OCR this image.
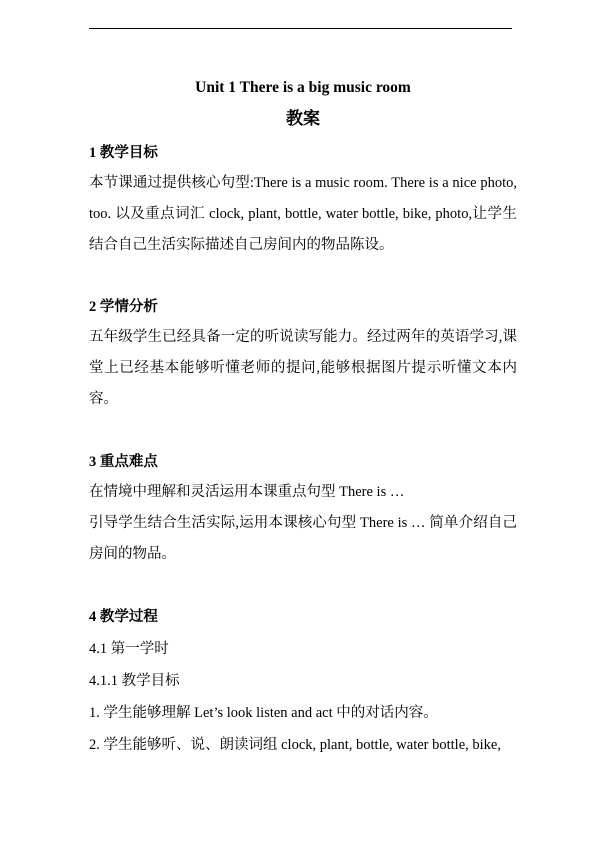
Unit 1 There is a big music room

教案

1 教学目标

本节课通过提供核心句型:There is a music room. There is a nice photo, too. 以及重点词汇 clock, plant, bottle, water bottle, bike, photo,让学生结合自己生活实际描述自己房间内的物品陈设。

2 学情分析

五年级学生已经具备一定的听说读写能力。经过两年的英语学习,课堂上已经基本能够听懂老师的提问,能够根据图片提示听懂文本内容。

3 重点难点

在情境中理解和灵活运用本课重点句型 There is …

引导学生结合生活实际,运用本课核心句型 There is … 简单介绍自己房间的物品。

4 教学过程

4.1 第一学时

4.1.1 教学目标

1. 学生能够理解 Let’s look listen and act 中的对话内容。

2. 学生能够听、说、朗读词组 clock, plant, bottle, water bottle, bike,
